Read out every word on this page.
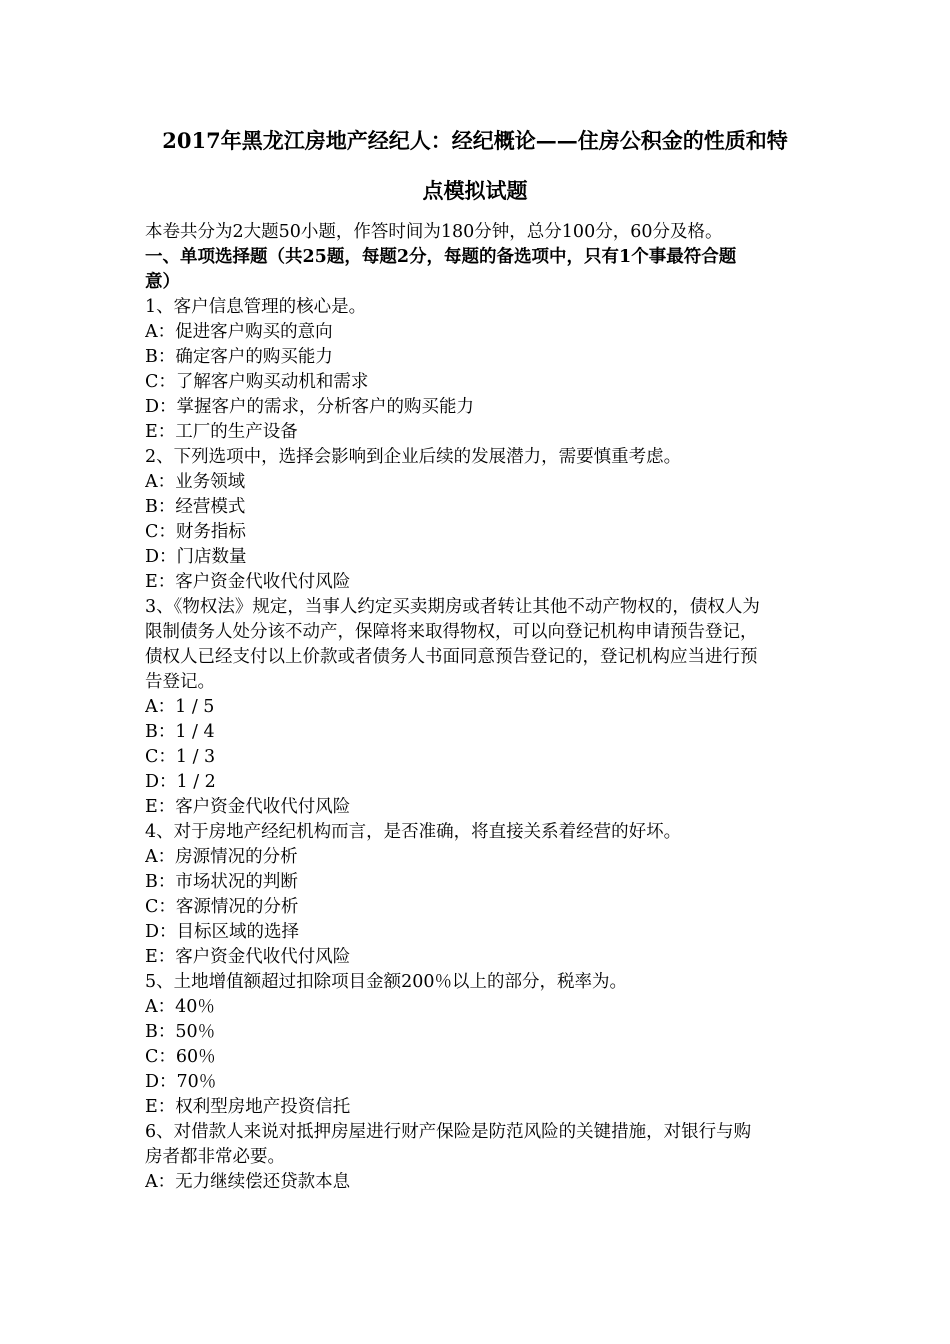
2017年黑龙江房地产经纪人：经纪概论——住房公积金的性质和特
点模拟试题
本卷共分为2大题50小题，作答时间为180分钟，总分100分，60分及格。
一、单项选择题（共25题，每题2分，每题的备选项中，只有1个事最符合题
意）
1、客户信息管理的核心是。
A：促进客户购买的意向
B：确定客户的购买能力
C：了解客户购买动机和需求
D：掌握客户的需求，分析客户的购买能力
E：工厂的生产设备
2、下列选项中，选择会影响到企业后续的发展潜力，需要慎重考虑。
A：业务领域
B：经营模式
C：财务指标
D：门店数量
E：客户资金代收代付风险
3、《物权法》规定，当事人约定买卖期房或者转让其他不动产物权的，债权人为
限制债务人处分该不动产，保障将来取得物权，可以向登记机构申请预告登记，
债权人已经支付以上价款或者债务人书面同意预告登记的，登记机构应当进行预
告登记。
A：1 / 5
B：1 / 4
C：1 / 3
D：1 / 2
E：客户资金代收代付风险
4、对于房地产经纪机构而言，是否准确，将直接关系着经营的好坏。
A：房源情况的分析
B：市场状况的判断
C：客源情况的分析
D：目标区域的选择
E：客户资金代收代付风险
5、土地增值额超过扣除项目金额200％以上的部分，税率为。
A：40％
B：50％
C：60％
D：70％
E：权利型房地产投资信托
6、对借款人来说对抵押房屋进行财产保险是防范风险的关键措施，对银行与购
房者都非常必要。
A：无力继续偿还贷款本息
